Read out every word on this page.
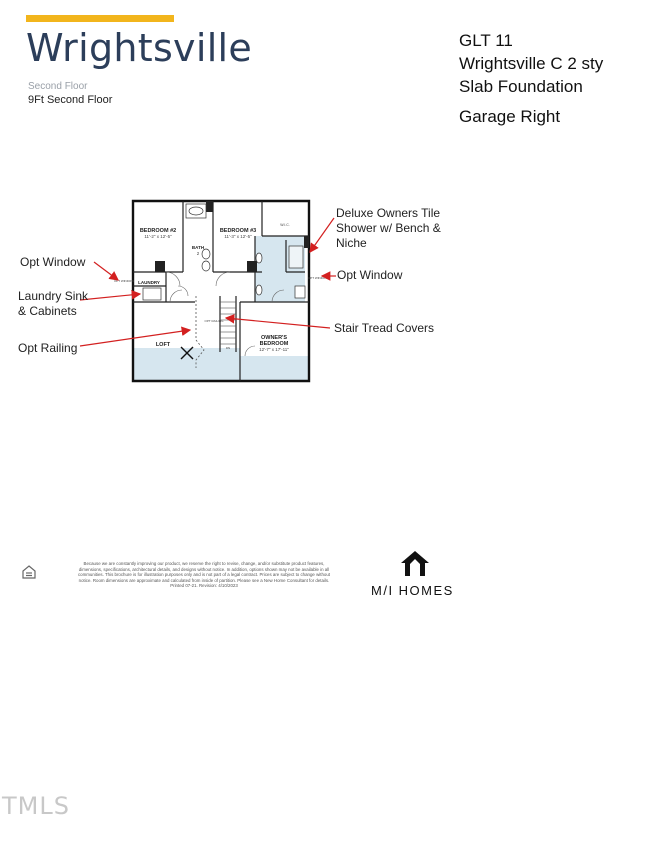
Wrightsville
Second Floor
9Ft Second Floor
GLT 11
Wrightsville C 2 sty
Slab Foundation
Garage Right
BEDROOM #2
11'-2" x 12'-5"
BATH
2
BEDROOM #3
11'-3" x 12'-5"
W.I.C.
LAUNDRY
LOFT
OWNER'S
BEDROOM
12'-7" x 17'-11"
OPT WINDOW
OPT WINDOW
OPT RAILING
DN
Deluxe Owners Tile
Shower w/ Bench &
Niche
Opt Window
Opt Window
Laundry Sink
& Cabinets
Stair Tread Covers
Opt Railing
Because we are constantly improving our product, we reserve the right to revise, change, and/or substitute product features, dimensions, specifications, architectural details, and designs without notice. In addition, options shown may not be available in all communities. This brochure is for illustration purposes only and is not part of a legal contract. Prices are subject to change without notice. Room dimensions are approximate and calculated from inside of partition. Please see a New Home Consultant for details. Printed 07-21. Revision: 4/10/2023	M/I HOMES
TMLS
